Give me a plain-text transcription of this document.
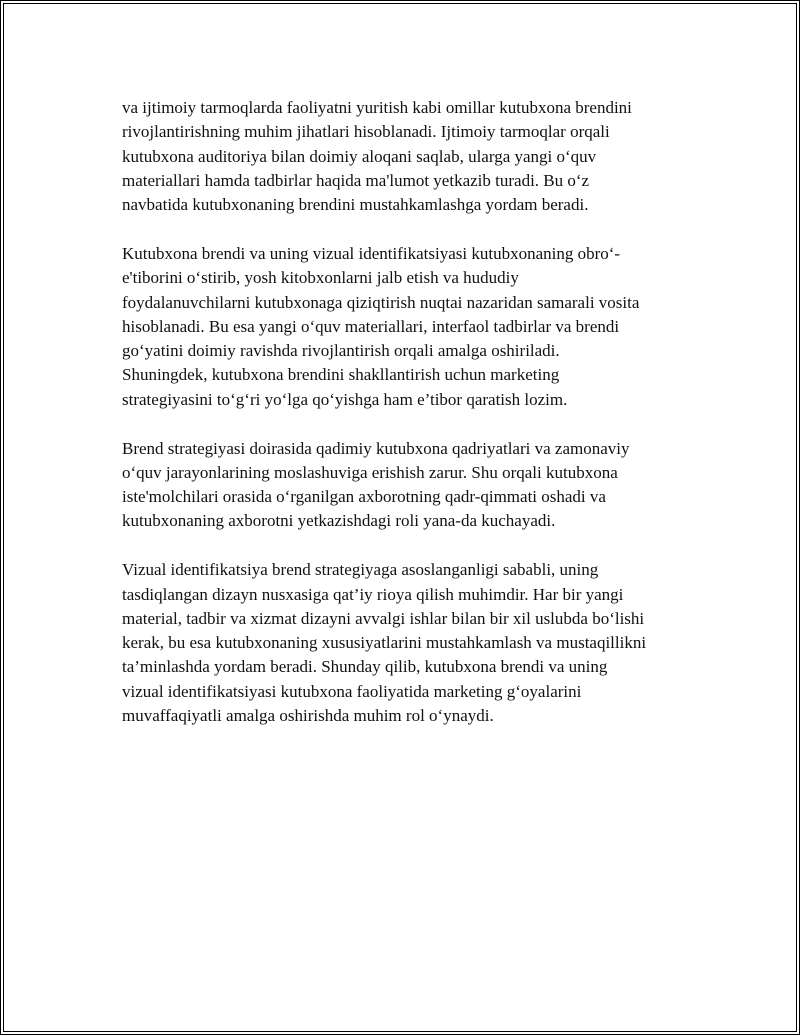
va ijtimoiy tarmoqlarda faoliyatni yuritish kabi omillar kutubxona brendini
rivojlantirishning muhim jihatlari hisoblanadi. Ijtimoiy tarmoqlar orqali
kutubxona auditoriya bilan doimiy aloqani saqlab, ularga yangi o‘quv
materiallari hamda tadbirlar haqida ma'lumot yetkazib turadi. Bu o‘z
navbatida kutubxonaning brendini mustahkamlashga yordam beradi.

Kutubxona brendi va uning vizual identifikatsiyasi kutubxonaning obro‘-
e'tiborini o‘stirib, yosh kitobxonlarni jalb etish va hududiy
foydalanuvchilarni kutubxonaga qiziqtirish nuqtai nazaridan samarali vosita
hisoblanadi. Bu esa yangi o‘quv materiallari, interfaol tadbirlar va brendi
go‘yatini doimiy ravishda rivojlantirish orqali amalga oshiriladi.
Shuningdek, kutubxona brendini shakllantirish uchun marketing
strategiyasini to‘g‘ri yo‘lga qo‘yishga ham e’tibor qaratish lozim.

Brend strategiyasi doirasida qadimiy kutubxona qadriyatlari va zamonaviy
o‘quv jarayonlarining moslashuviga erishish zarur. Shu orqali kutubxona
iste'molchilari orasida o‘rganilgan axborotning qadr-qimmati oshadi va
kutubxonaning axborotni yetkazishdagi roli yana-da kuchayadi.

Vizual identifikatsiya brend strategiyaga asoslanganligi sababli, uning
tasdiqlangan dizayn nusxasiga qat’iy rioya qilish muhimdir. Har bir yangi
material, tadbir va xizmat dizayni avvalgi ishlar bilan bir xil uslubda bo‘lishi
kerak, bu esa kutubxonaning xususiyatlarini mustahkamlash va mustaqillikni
ta’minlashda yordam beradi. Shunday qilib, kutubxona brendi va uning
vizual identifikatsiyasi kutubxona faoliyatida marketing g‘oyalarini
muvaffaqiyatli amalga oshirishda muhim rol o‘ynaydi.
